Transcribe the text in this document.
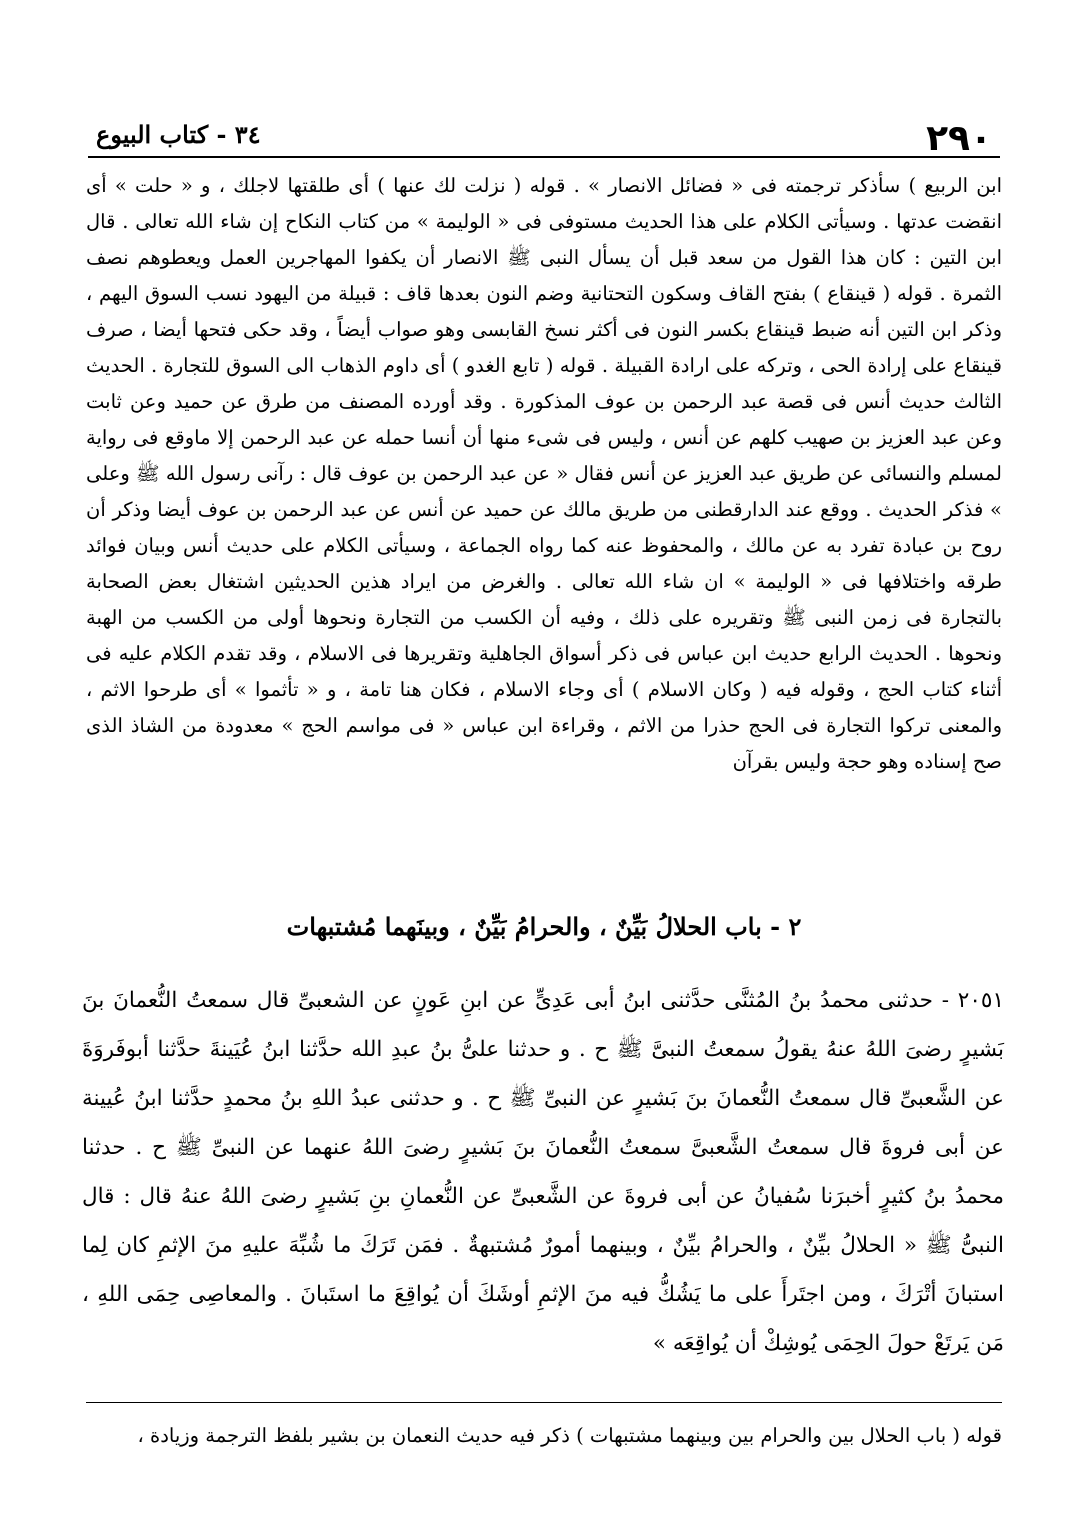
٢٩٠
٣٤ - كتاب البيوع

ابن الربيع ) سأذكر ترجمته فى « فضائل الانصار » . قوله ( نزلت لك عنها ) أى طلقتها لاجلك ، و « حلت » أى انقضت عدتها . وسيأتى الكلام على هذا الحديث مستوفى فى « الوليمة » من كتاب النكاح إن شاء الله تعالى . قال ابن التين : كان هذا القول من سعد قبل أن يسأل النبى ﷺ الانصار أن يكفوا المهاجرين العمل ويعطوهم نصف الثمرة . قوله ( قينقاع ) بفتح القاف وسكون التحتانية وضم النون بعدها قاف : قبيلة من اليهود نسب السوق اليهم ، وذكر ابن التين أنه ضبط قينقاع بكسر النون فى أكثر نسخ القابسى وهو صواب أيضاً ، وقد حكى فتحها أيضا ، صرف قينقاع على إرادة الحى ، وتركه على ارادة القبيلة . قوله ( تابع الغدو ) أى داوم الذهاب الى السوق للتجارة . الحديث الثالث حديث أنس فى قصة عبد الرحمن بن عوف المذكورة . وقد أورده المصنف من طرق عن حميد وعن ثابت وعن عبد العزيز بن صهيب كلهم عن أنس ، وليس فى شىء منها أن أنسا حمله عن عبد الرحمن إلا ماوقع فى رواية لمسلم والنسائى عن طريق عبد العزيز عن أنس فقال « عن عبد الرحمن بن عوف قال : رآنى رسول الله ﷺ وعلى » فذكر الحديث . ووقع عند الدارقطنى من طريق مالك عن حميد عن أنس عن عبد الرحمن بن عوف أيضا وذكر أن روح بن عبادة تفرد به عن مالك ، والمحفوظ عنه كما رواه الجماعة ، وسيأتى الكلام على حديث أنس وبيان فوائد طرقه واختلافها فى « الوليمة » ان شاء الله تعالى . والغرض من ايراد هذين الحديثين اشتغال بعض الصحابة بالتجارة فى زمن النبى ﷺ وتقريره على ذلك ، وفيه أن الكسب من التجارة ونحوها أولى من الكسب من الهبة ونحوها . الحديث الرابع حديث ابن عباس فى ذكر أسواق الجاهلية وتقريرها فى الاسلام ، وقد تقدم الكلام عليه فى أثناء كتاب الحج ، وقوله فيه ( وكان الاسلام ) أى وجاء الاسلام ، فكان هنا تامة ، و « تأثموا » أى طرحوا الاثم ، والمعنى تركوا التجارة فى الحج حذرا من الاثم ، وقراءة ابن عباس « فى مواسم الحج » معدودة من الشاذ الذى صح إسناده وهو حجة وليس بقرآن

٢ - باب الحلالُ بَيِّنٌ ، والحرامُ بَيِّنٌ ، وبينَهما مُشتبهات

٢٠٥١ - حدثنى محمدُ بنُ المُثنَّى حدَّثنى ابنُ أبى عَدِىٍّ عن ابنِ عَونٍ عن الشعبىِّ قال سمعتُ النُّعمانَ بنَ بَشيرٍ رضىَ اللهُ عنهُ يقولُ سمعتُ النبىَّ ﷺ ح . و حدثنا علىُّ بنُ عبدِ الله حدَّثنا ابنُ عُيَينةَ حدَّثنا أبوفَروَةَ عن الشَّعبىِّ قال سمعتُ النُّعمانَ بنَ بَشيرٍ عن النبىِّ ﷺ ح . و حدثنى عبدُ اللهِ بنُ محمدٍ حدَّثنا ابنُ عُيينة عن أبى فروةَ قال سمعتُ الشَّعبىَّ سمعتُ النُّعمانَ بنَ بَشيرٍ رضىَ اللهُ عنهما عن النبىِّ ﷺ ح . حدثنا محمدُ بنُ كثيرٍ أخبرَنا سُفيانُ عن أبى فروةَ عن الشَّعبىِّ عن النُّعمانِ بنِ بَشيرٍ رضىَ اللهُ عنهُ قال : قال النبىُّ ﷺ « الحلالُ بيِّنٌ ، والحرامُ بيِّنٌ ، وبينهما أمورٌ مُشتبهةٌ . فمَن تَرَكَ ما شُبِّهَ عليهِ منَ الإثمِ كان لِما استبانَ أتْرَكَ ، ومن اجتَرأَ على ما يَشُكُّ فيه منَ الإثمِ أوشَكَ أن يُواقِعَ ما استَبانَ . والمعاصِى حِمَى اللهِ ، مَن يَرتَعْ حولَ الحِمَى يُوشِكْ أن يُواقِعَه »

قوله ( باب الحلال بين والحرام بين وبينهما مشتبهات ) ذكر فيه حديث النعمان بن بشير بلفظ الترجمة وزيادة ،
